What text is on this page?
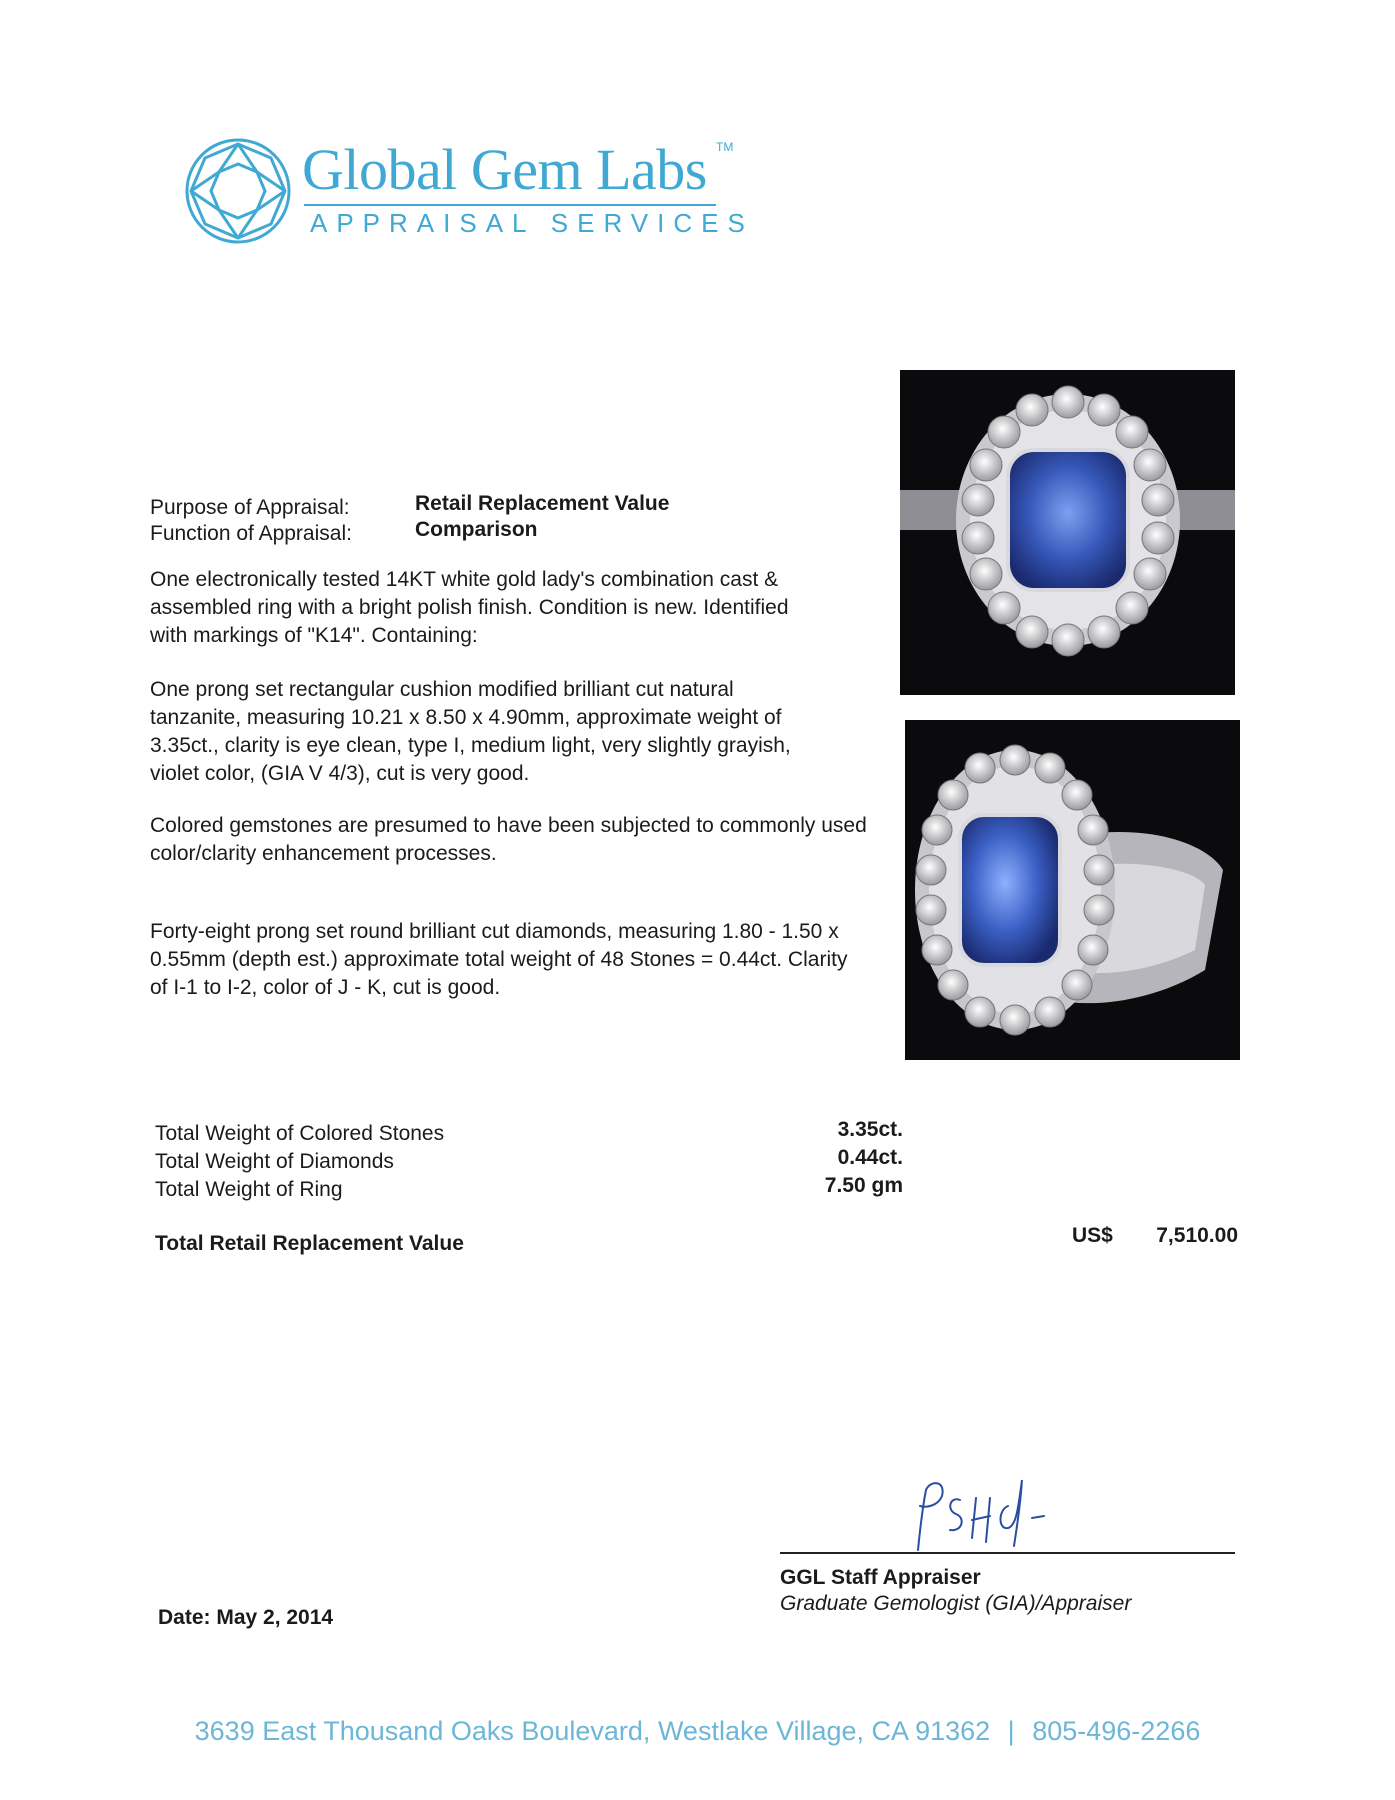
Global Gem Labs TM
APPRAISAL SERVICES
Purpose of Appraisal:	Retail Replacement Value
Function of Appraisal:	Comparison
One electronically tested 14KT white gold lady's combination cast & assembled ring with a bright polish finish. Condition is new. Identified with markings of "K14". Containing:
One prong set rectangular cushion modified brilliant cut natural tanzanite, measuring 10.21 x 8.50 x 4.90mm, approximate weight of 3.35ct., clarity is eye clean, type I, medium light, very slightly grayish, violet color, (GIA V 4/3), cut is very good.
Colored gemstones are presumed to have been subjected to commonly used color/clarity enhancement processes.
Forty-eight prong set round brilliant cut diamonds, measuring 1.80 - 1.50 x 0.55mm (depth est.) approximate total weight of 48 Stones = 0.44ct. Clarity of I-1 to I-2, color of J - K, cut is good.
Total Weight of Colored Stones	3.35ct.
Total Weight of Diamonds	0.44ct.
Total Weight of Ring	7.50 gm
Total Retail Replacement Value	US$	7,510.00
Date: May 2, 2014
GGL Staff Appraiser
Graduate Gemologist (GIA)/Appraiser
3639 East Thousand Oaks Boulevard, Westlake Village, CA 91362 | 805-496-2266
